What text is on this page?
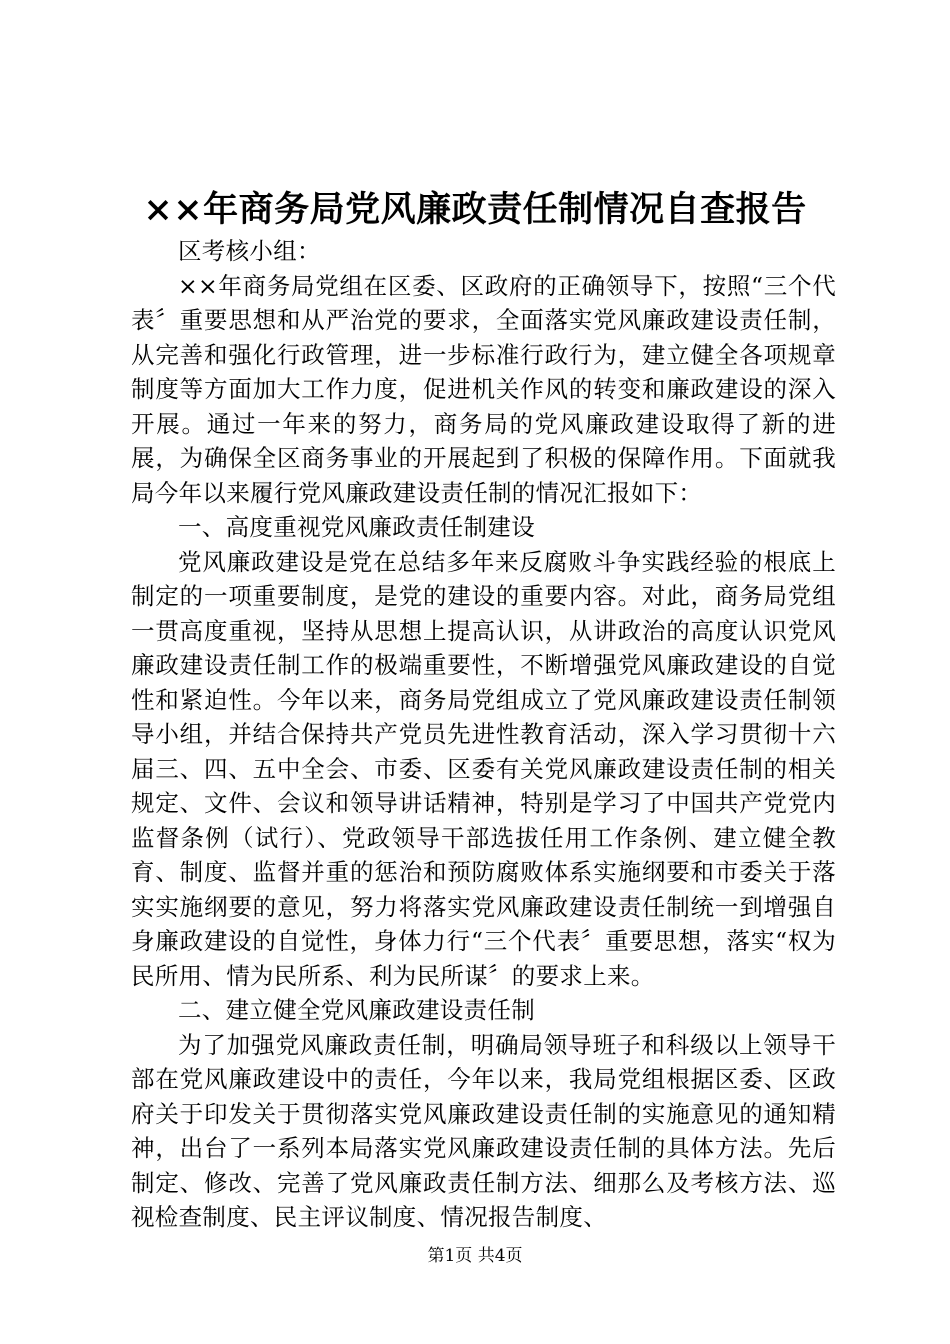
××年商务局党风廉政责任制情况自查报告

区考核小组：

××年商务局党组在区委、区政府的正确领导下，按照“三个代表〞重要思想和从严治党的要求，全面落实党风廉政建设责任制，从完善和强化行政管理，进一步标准行政行为，建立健全各项规章制度等方面加大工作力度，促进机关作风的转变和廉政建设的深入开展。通过一年来的努力，商务局的党风廉政建设取得了新的进展，为确保全区商务事业的开展起到了积极的保障作用。下面就我局今年以来履行党风廉政建设责任制的情况汇报如下：

一、高度重视党风廉政责任制建设

党风廉政建设是党在总结多年来反腐败斗争实践经验的根底上制定的一项重要制度，是党的建设的重要内容。对此，商务局党组一贯高度重视，坚持从思想上提高认识，从讲政治的高度认识党风廉政建设责任制工作的极端重要性，不断增强党风廉政建设的自觉性和紧迫性。今年以来，商务局党组成立了党风廉政建设责任制领导小组，并结合保持共产党员先进性教育活动，深入学习贯彻十六届三、四、五中全会、市委、区委有关党风廉政建设责任制的相关规定、文件、会议和领导讲话精神，特别是学习了中国共产党党内监督条例（试行）、党政领导干部选拔任用工作条例、建立健全教育、制度、监督并重的惩治和预防腐败体系实施纲要和市委关于落实实施纲要的意见，努力将落实党风廉政建设责任制统一到增强自身廉政建设的自觉性，身体力行“三个代表〞重要思想，落实“权为民所用、情为民所系、利为民所谋〞的要求上来。

二、建立健全党风廉政建设责任制

为了加强党风廉政责任制，明确局领导班子和科级以上领导干部在党风廉政建设中的责任，今年以来，我局党组根据区委、区政府关于印发关于贯彻落实党风廉政建设责任制的实施意见的通知精神，出台了一系列本局落实党风廉政建设责任制的具体方法。先后制定、修改、完善了党风廉政责任制方法、细那么及考核方法、巡视检查制度、民主评议制度、情况报告制度、

第1页 共4页
